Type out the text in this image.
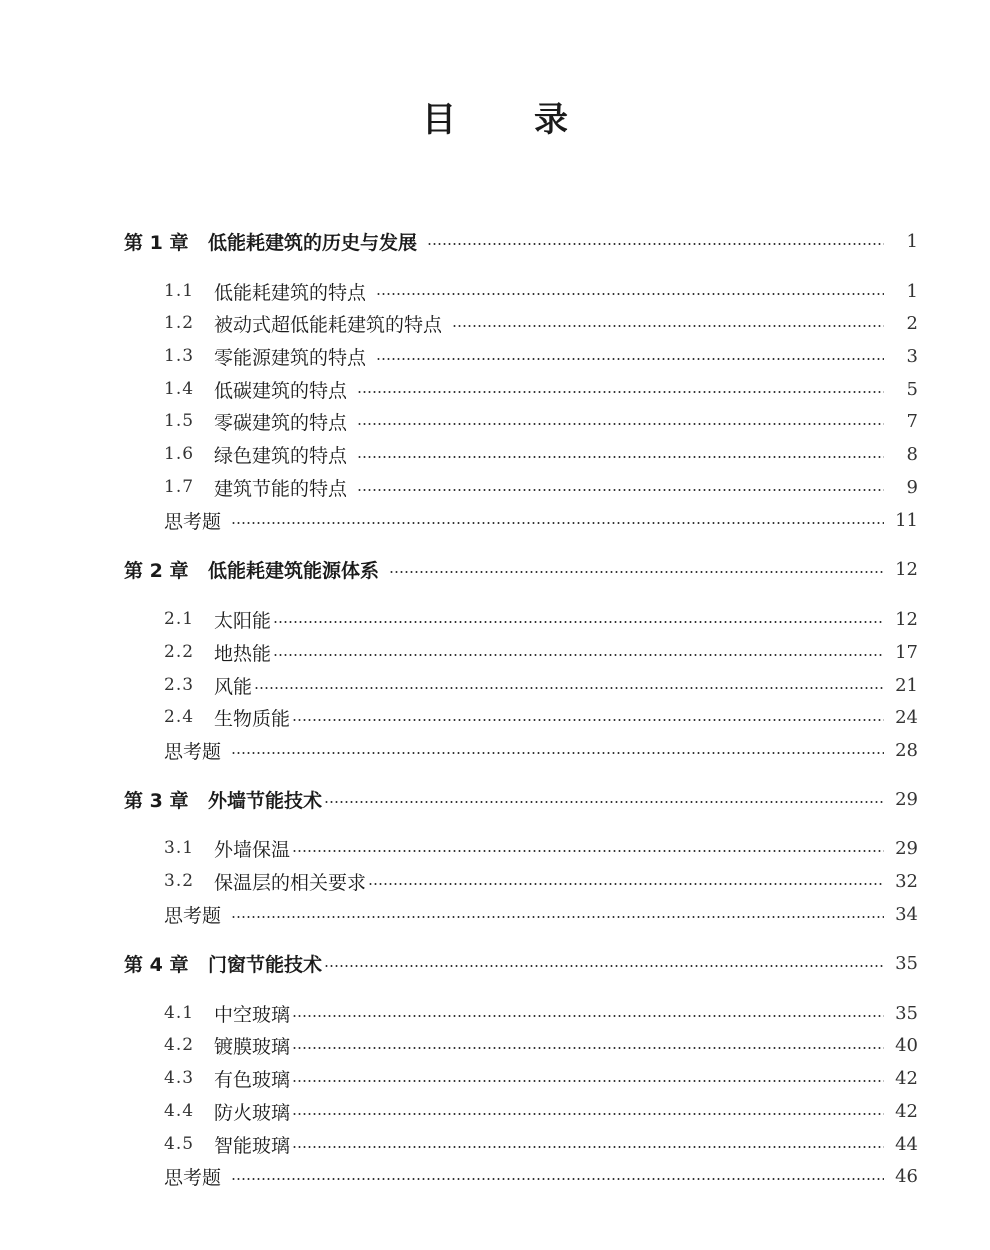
目 录
第 1 章	低能耗建筑的历史与发展	1
1.1	低能耗建筑的特点	1
1.2	被动式超低能耗建筑的特点	2
1.3	零能源建筑的特点	3
1.4	低碳建筑的特点	5
1.5	零碳建筑的特点	7
1.6	绿色建筑的特点	8
1.7	建筑节能的特点	9
思考题	11
第 2 章	低能耗建筑能源体系	12
2.1	太阳能	12
2.2	地热能	17
2.3	风能	21
2.4	生物质能	24
思考题	28
第 3 章	外墙节能技术	29
3.1	外墙保温	29
3.2	保温层的相关要求	32
思考题	34
第 4 章	门窗节能技术	35
4.1	中空玻璃	35
4.2	镀膜玻璃	40
4.3	有色玻璃	42
4.4	防火玻璃	42
4.5	智能玻璃	44
思考题	46
